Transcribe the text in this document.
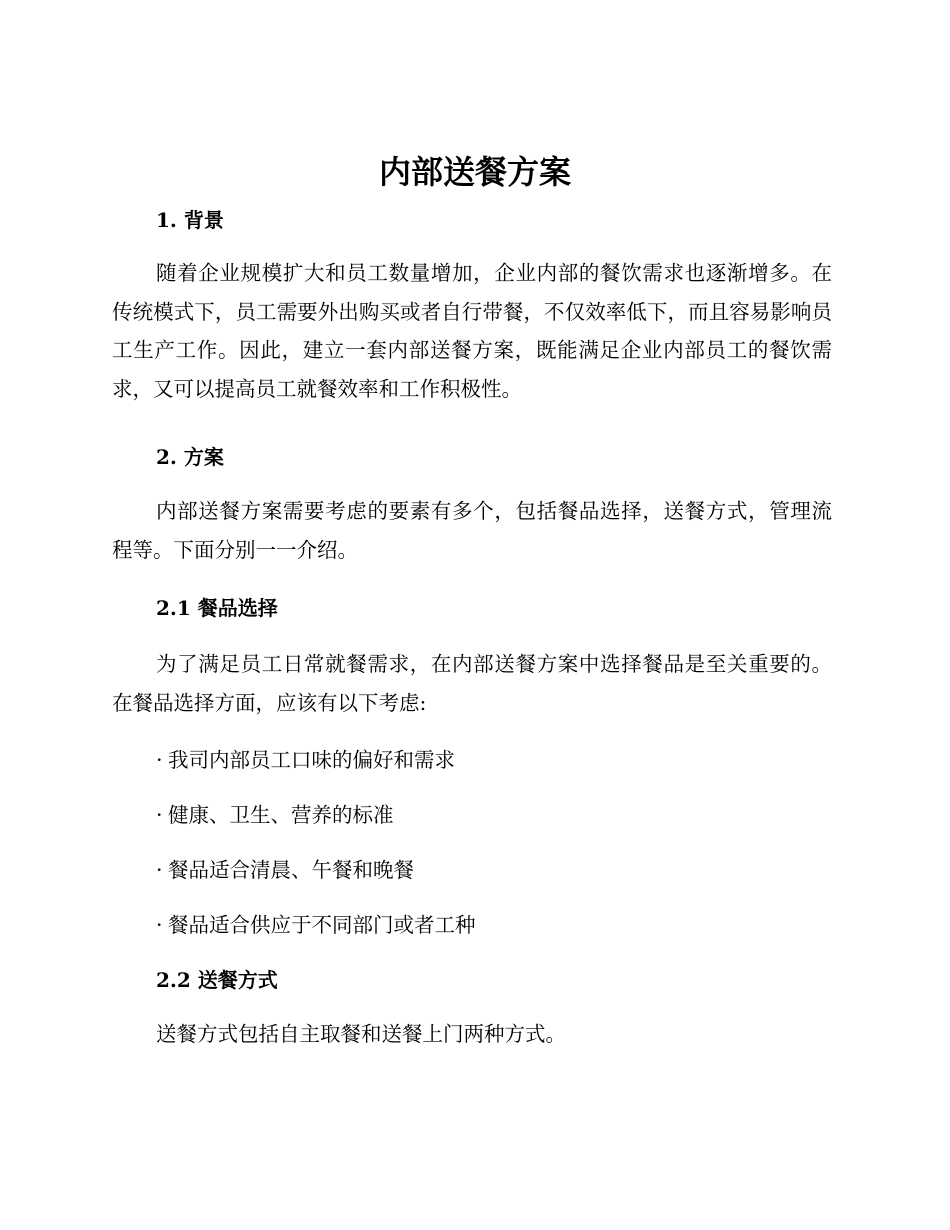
内部送餐方案
1. 背景

随着企业规模扩大和员工数量增加，企业内部的餐饮需求也逐渐增多。在传统模式下，员工需要外出购买或者自行带餐，不仅效率低下，而且容易影响员工生产工作。因此，建立一套内部送餐方案，既能满足企业内部员工的餐饮需求，又可以提高员工就餐效率和工作积极性。

2. 方案

内部送餐方案需要考虑的要素有多个，包括餐品选择，送餐方式，管理流程等。下面分别一一介绍。

2.1 餐品选择

为了满足员工日常就餐需求，在内部送餐方案中选择餐品是至关重要的。在餐品选择方面，应该有以下考虑:

· 我司内部员工口味的偏好和需求

· 健康、卫生、营养的标准

· 餐品适合清晨、午餐和晚餐

· 餐品适合供应于不同部门或者工种

2.2 送餐方式

送餐方式包括自主取餐和送餐上门两种方式。
